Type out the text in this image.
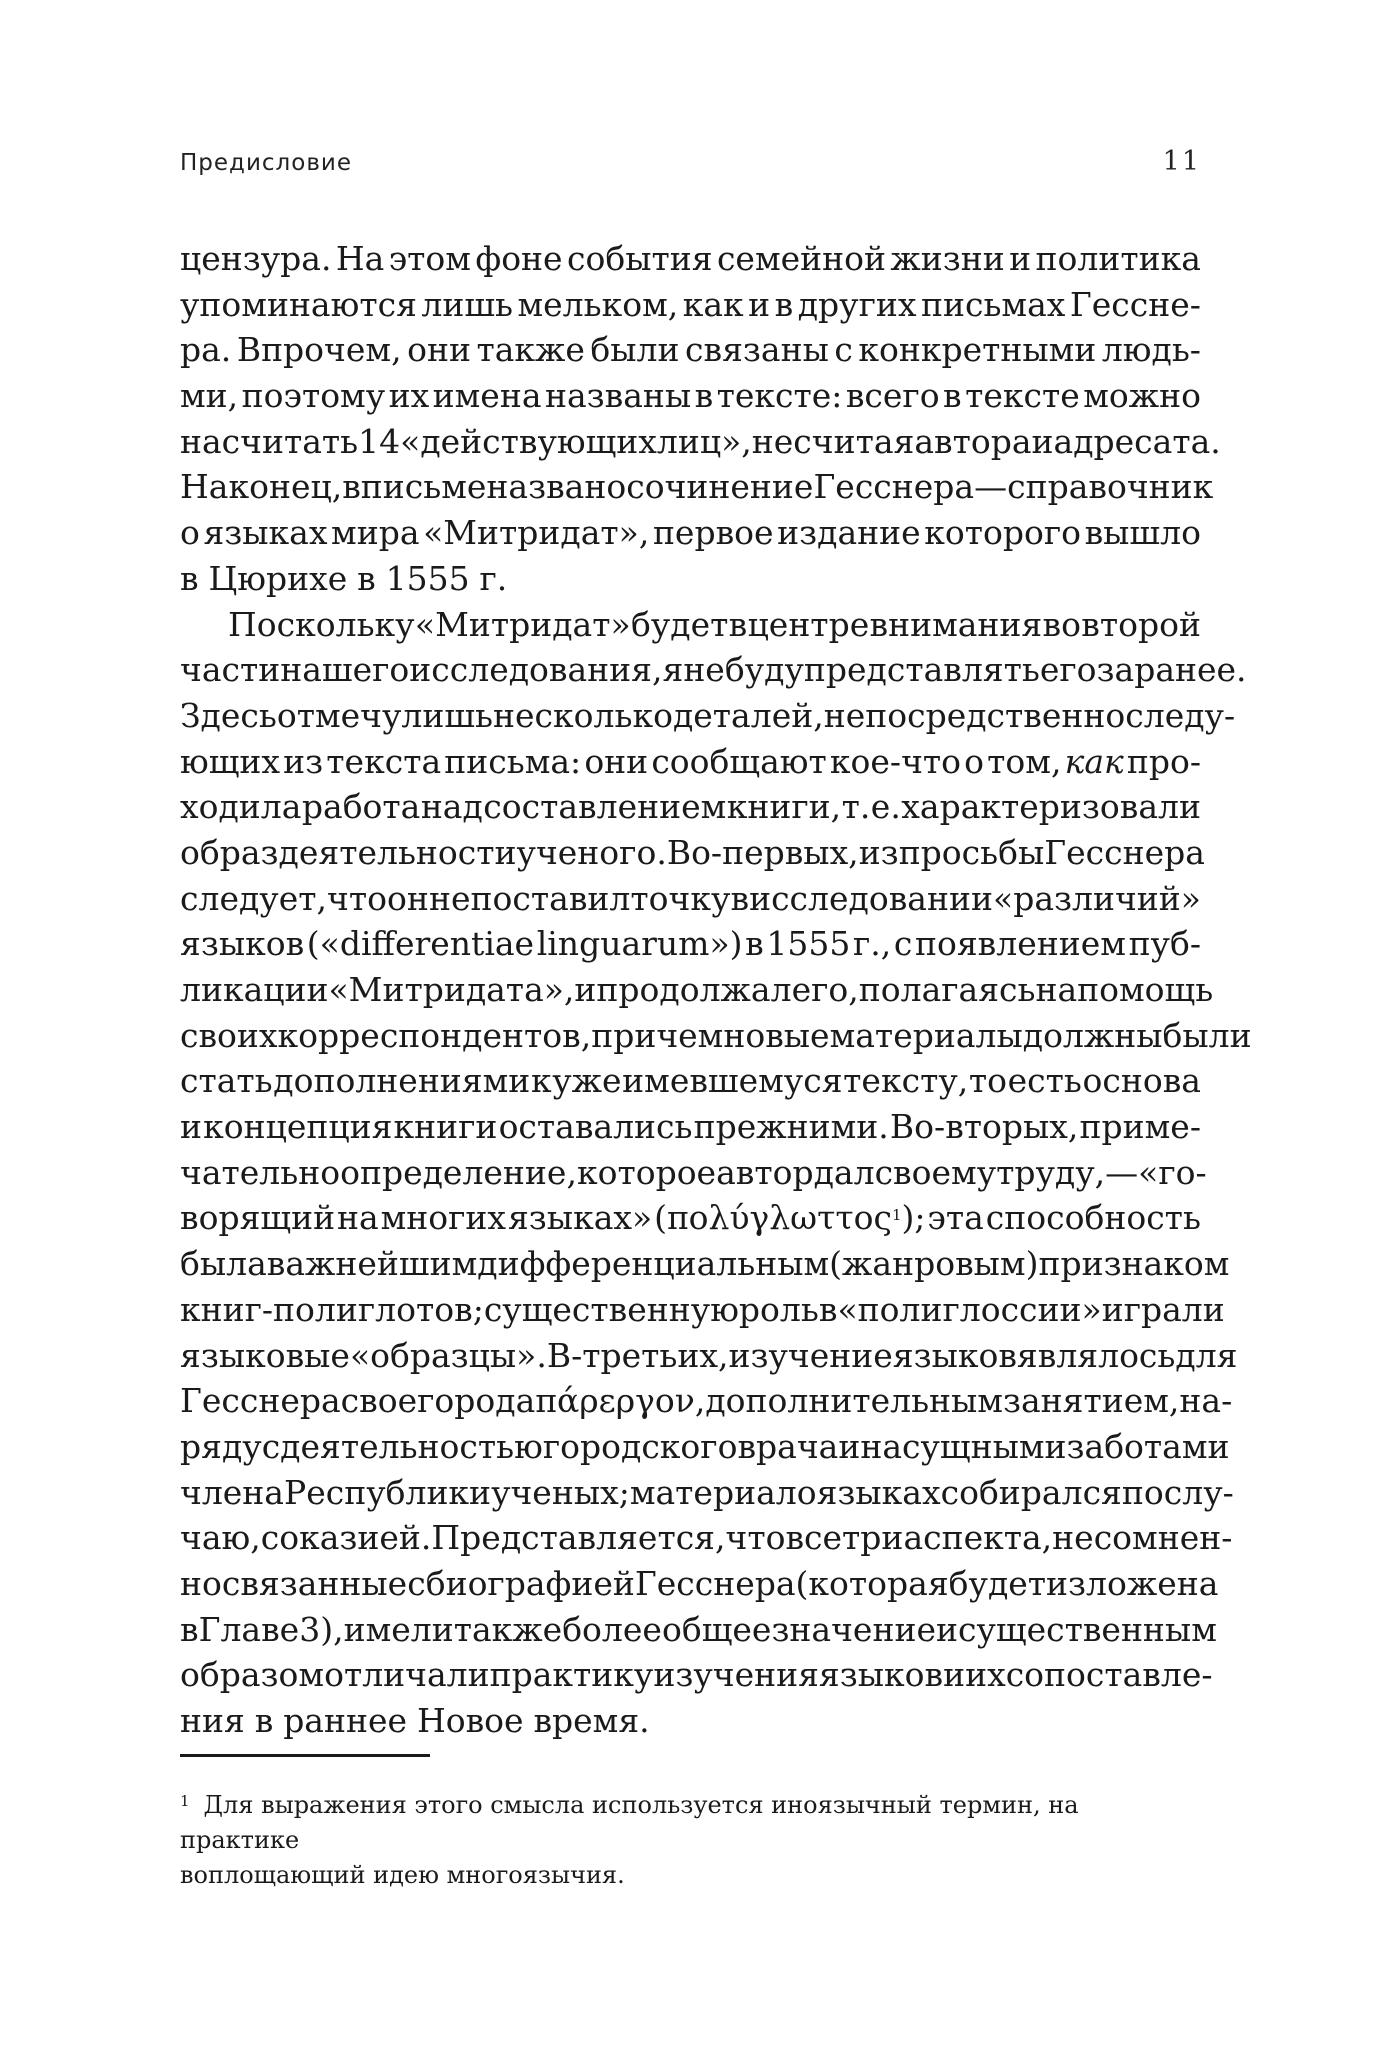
Предисловие	11
цензура. На этом фоне события семейной жизни и политика
упоминаются лишь мельком, как и в других письмах Гессне-
ра. Впрочем, они также были связаны с конкретными людь-
ми, поэтому их имена названы в тексте: всего в тексте можно
насчитать 14 «действующих лиц», не считая автора и адресата.
Наконец, в письме названо сочинение Гесснера — справочник
о языках мира «Митридат», первое издание которого вышло
в Цюрихе в 1555 г.
Поскольку «Митридат» будет в центре внимания во второй
части нашего исследования, я не буду представлять его заранее.
Здесь отмечу лишь несколько деталей, непосредственно следу-
ющих из текста письма: они сообщают кое-что о том, как про-
ходила работа над составлением книги, т. е. характеризовали
образ деятельности ученого. Во-первых, из просьбы Гесснера
следует, что он не поставил точку в исследовании «различий»
языков («differentiae linguarum») в 1555 г., с появлением пуб-
ликации «Митридата», и продолжал его, полагаясь на помощь
своих корреспондентов, причем новые материалы должны были
стать дополнениями к уже имевшемуся тексту, то есть основа
и концепция книги оставались прежними. Во-вторых, приме-
чательно определение, которое автор дал своему труду, — «го-
ворящий на многих языках» (πολύγλωττος$^1$); эта способность
была важнейшим дифференциальным (жанровым) признаком
книг-полиглотов; существенную роль в «полиглоссии» играли
языковые «образцы». В-третьих, изучение языков являлось для
Гесснера своего рода πάρεργον, дополнительным занятием, на-
ряду с деятельностью городского врача и насущными заботами
члена Республики ученых; материал о языках собирался по слу-
чаю, с оказией. Представляется, что все три аспекта, несомнен-
но связанные с биографией Гесснера (которая будет изложена
в Главе 3), имели также более общее значение и существенным
образом отличали практику изучения языков и их сопоставле-
ния в раннее Новое время.
$^1$ Для выражения этого смысла используется иноязычный термин, на практике
воплощающий идею многоязычия.
